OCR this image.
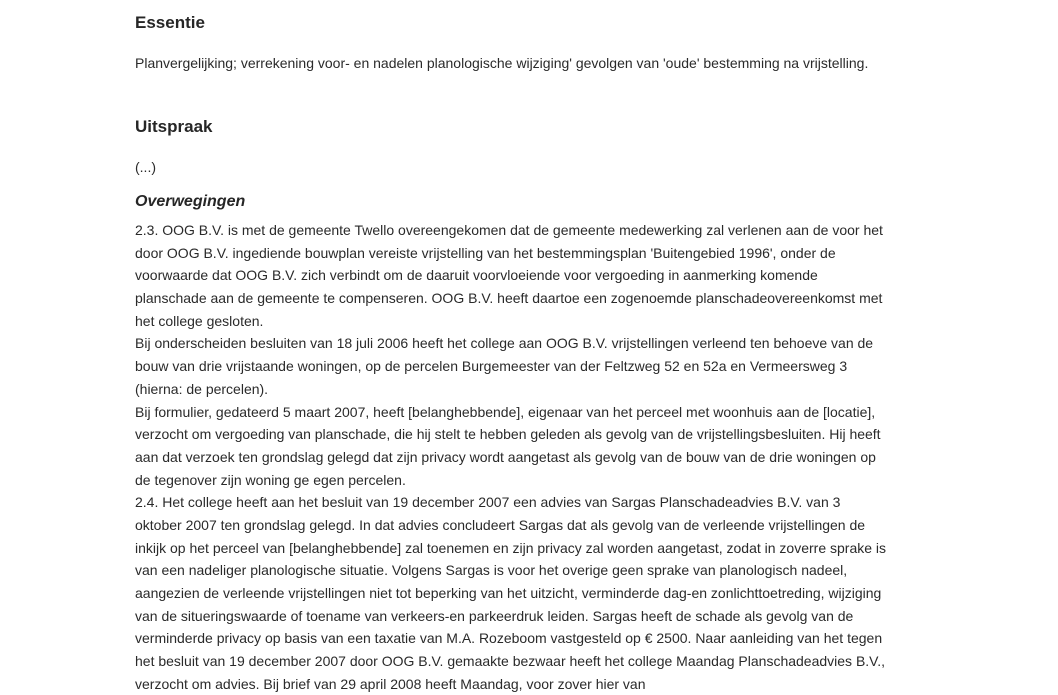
Essentie

Planvergelijking; verrekening voor- en nadelen planologische wijziging' gevolgen van 'oude' bestemming na vrijstelling.

Uitspraak

(...)

Overwegingen
2.3. OOG B.V. is met de gemeente Twello overeengekomen dat de gemeente medewerking zal verlenen aan de voor het
door OOG B.V. ingediende bouwplan vereiste vrijstelling van het bestemmingsplan 'Buitengebied 1996', onder de
voorwaarde dat OOG B.V. zich verbindt om de daaruit voorvloeiende voor vergoeding in aanmerking komende
planschade aan de gemeente te compenseren. OOG B.V. heeft daartoe een zogenoemde planschadeovereenkomst met
het college gesloten.
Bij onderscheiden besluiten van 18 juli 2006 heeft het college aan OOG B.V. vrijstellingen verleend ten behoeve van de
bouw van drie vrijstaande woningen, op de percelen Burgemeester van der Feltzweg 52 en 52a en Vermeersweg 3
(hierna: de percelen).
Bij formulier, gedateerd 5 maart 2007, heeft [belanghebbende], eigenaar van het perceel met woonhuis aan de [locatie],
verzocht om vergoeding van planschade, die hij stelt te hebben geleden als gevolg van de vrijstellingsbesluiten. Hij heeft
aan dat verzoek ten grondslag gelegd dat zijn privacy wordt aangetast als gevolg van de bouw van de drie woningen op
de tegenover zijn woning ge egen percelen.
2.4. Het college heeft aan het besluit van 19 december 2007 een advies van Sargas Planschadeadvies B.V. van 3
oktober 2007 ten grondslag gelegd. In dat advies concludeert Sargas dat als gevolg van de verleende vrijstellingen de
inkijk op het perceel van [belanghebbende] zal toenemen en zijn privacy zal worden aangetast, zodat in zoverre sprake is
van een nadeliger planologische situatie. Volgens Sargas is voor het overige geen sprake van planologisch nadeel,
aangezien de verleende vrijstellingen niet tot beperking van het uitzicht, verminderde dag-en zonlichttoetreding, wijziging
van de situeringswaarde of toename van verkeers-en parkeerdruk leiden. Sargas heeft de schade als gevolg van de
verminderde privacy op basis van een taxatie van M.A. Rozeboom vastgesteld op € 2500. Naar aanleiding van het tegen
het besluit van 19 december 2007 door OOG B.V. gemaakte bezwaar heeft het college Maandag Planschadeadvies B.V.,
verzocht om advies. Bij brief van 29 april 2008 heeft Maandag, voor zover hier van
